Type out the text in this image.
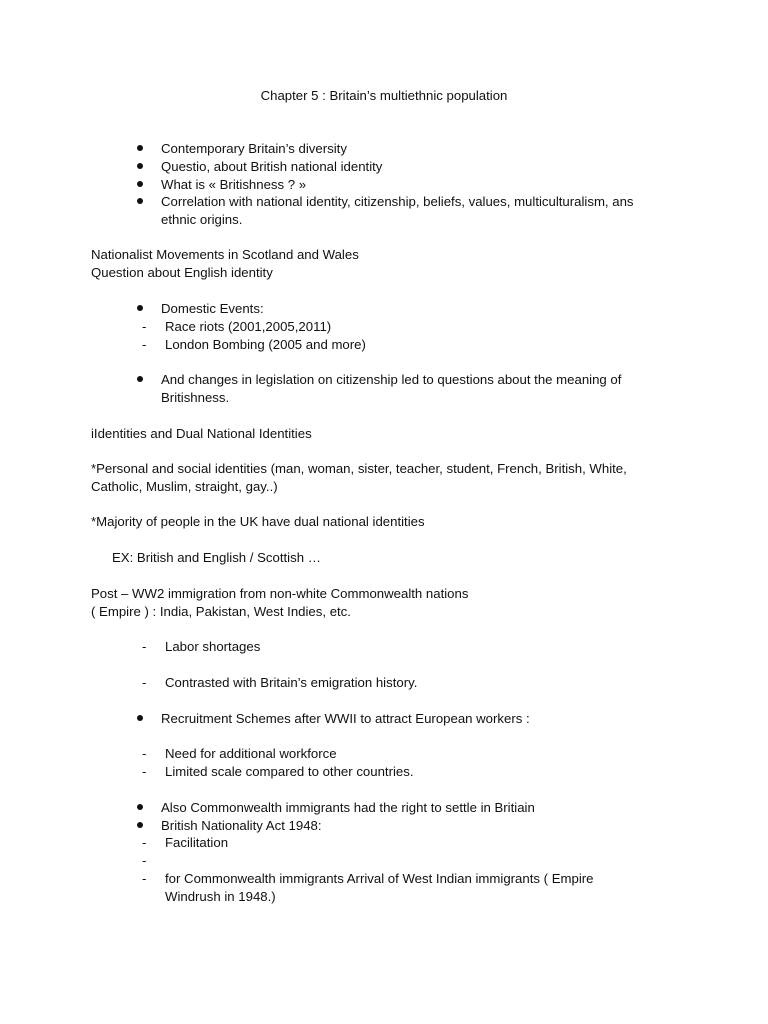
Chapter 5 : Britain’s multiethnic population
Contemporary Britain’s diversity
Questio, about British national identity
What is « Britishness ? »
Correlation with national identity, citizenship, beliefs, values, multiculturalism, ans
ethnic origins.
Nationalist Movements in Scotland and Wales
Question about English identity
Domestic Events:
- Race riots (2001,2005,2011)
- London Bombing (2005 and more)
And changes in legislation on citizenship led to questions about the meaning of
Britishness.
iIdentities and Dual National Identities
*Personal and social identities (man, woman, sister, teacher, student, French, British, White,
Catholic, Muslim, straight, gay..)
*Majority of people in the UK have dual national identities
EX: British and English / Scottish …
Post – WW2 immigration from non-white Commonwealth nations
( Empire ) : India, Pakistan, West Indies, etc.
- Labor shortages
- Contrasted with Britain’s emigration history.
Recruitment Schemes after WWII to attract European workers :
- Need for additional workforce
- Limited scale compared to other countries.
Also Commonwealth immigrants had the right to settle in Britiain
British Nationality Act 1948:
- Facilitation
-
- for Commonwealth immigrants Arrival of West Indian immigrants ( Empire
Windrush in 1948.)
